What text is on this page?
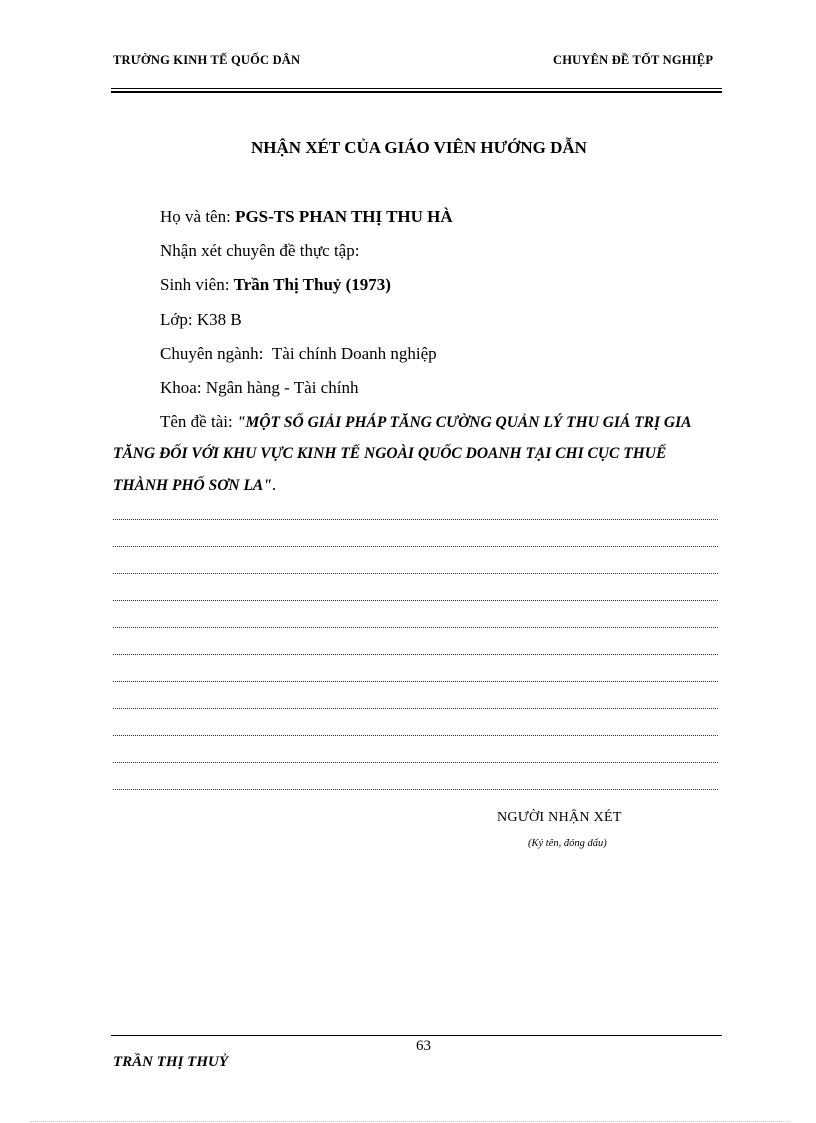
TRƯỜNG KINH TẾ QUỐC DÂN	CHUYÊN ĐỀ TỐT NGHIỆP
NHẬN XÉT CỦA GIÁO VIÊN HƯỚNG DẪN
Họ và tên: PGS-TS PHAN THỊ THU HÀ
Nhận xét chuyên đề thực tập:
Sinh viên: Trần Thị Thuỷ (1973)
Lớp: K38 B
Chuyên ngành: Tài chính Doanh nghiệp
Khoa: Ngân hàng - Tài chính
Tên đề tài: "MỘT SỐ GIẢI PHÁP TĂNG CƯỜNG QUẢN LÝ THU GIÁ TRỊ GIA
TĂNG ĐỐI VỚI KHU VỰC KINH TẾ NGOÀI QUỐC DOANH TẠI CHI CỤC THUẾ
THÀNH PHỐ SƠN LA".
NGƯỜI NHẬN XÉT
(Ký tên, đóng dấu)
63
TRẦN THỊ THUỶ
